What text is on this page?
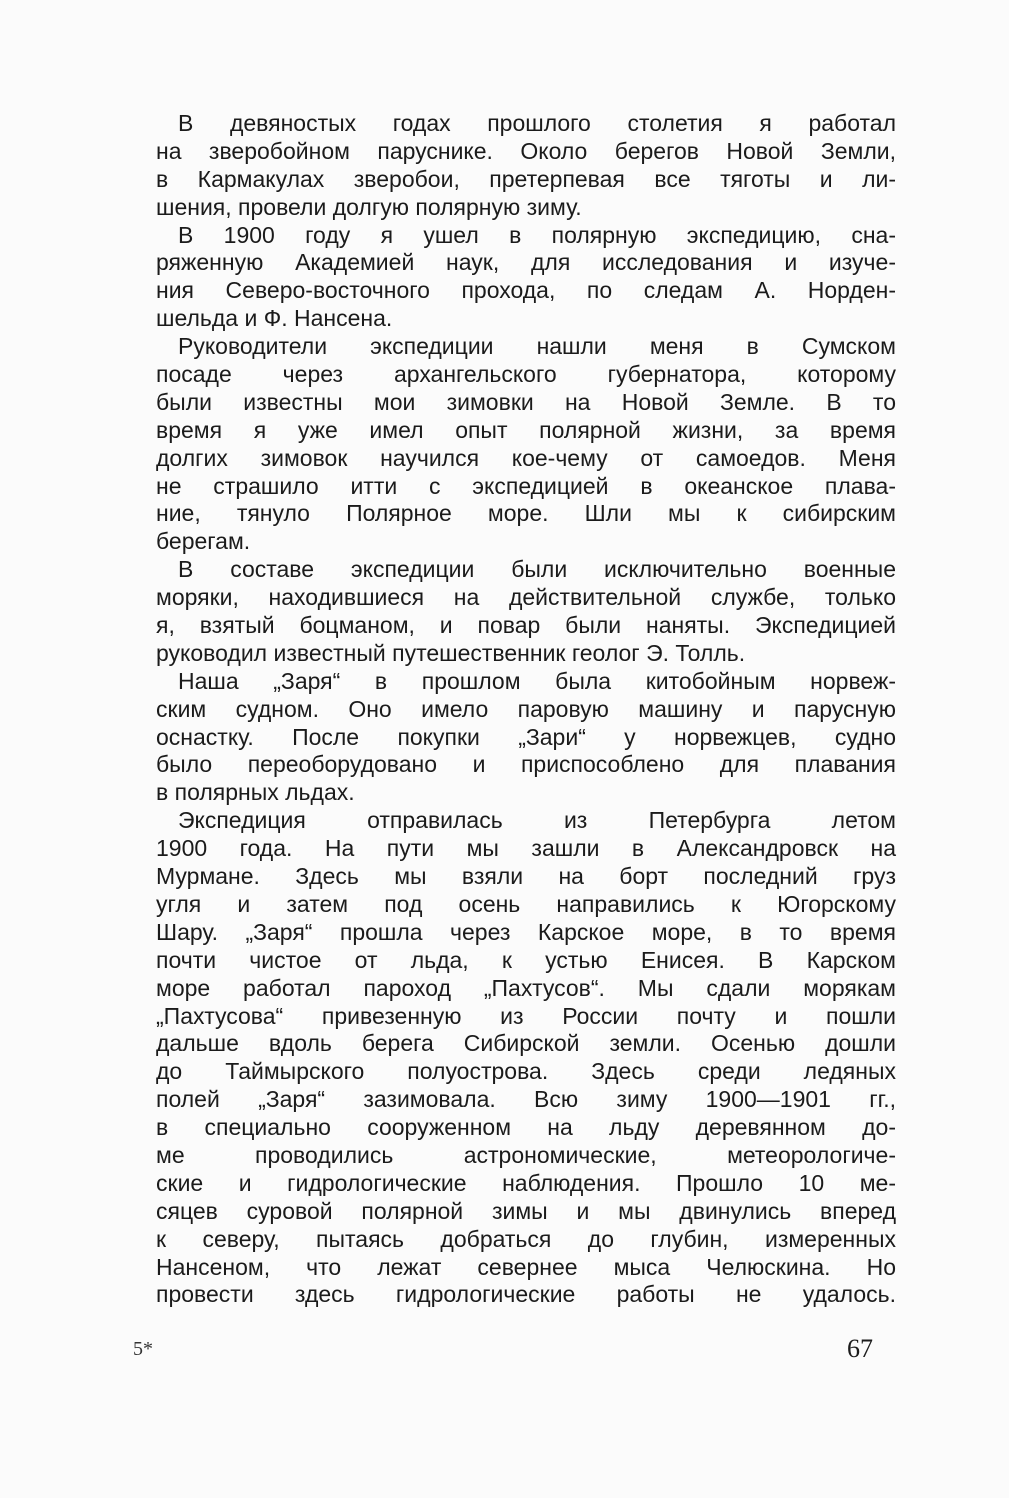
В девяностых годах прошлого столетия я работал
на зверобойном паруснике. Около берегов Новой Земли,
в Кармакулах зверобои, претерпевая все тяготы и ли-
шения, провели долгую полярную зиму.
В 1900 году я ушел в полярную экспедицию, сна-
ряженную Академией наук, для исследования и изуче-
ния Северо-восточного прохода, по следам А. Норден-
шельда и Ф. Нансена.
Руководители экспедиции нашли меня в Сумском
посаде через архангельского губернатора, которому
были известны мои зимовки на Новой Земле. В то
время я уже имел опыт полярной жизни, за время
долгих зимовок научился кое-чему от самоедов. Меня
не страшило итти с экспедицией в океанское плава-
ние, тянуло Полярное море. Шли мы к сибирским
берегам.
В составе экспедиции были исключительно военные
моряки, находившиеся на действительной службе, только
я, взятый боцманом, и повар были наняты. Экспедицией
руководил известный путешественник геолог Э. Толль.
Наша „Заря“ в прошлом была китобойным норвеж-
ским судном. Оно имело паровую машину и парусную
оснастку. После покупки „Зари“ у норвежцев, судно
было переоборудовано и приспособлено для плавания
в полярных льдах.
Экспедиция отправилась из Петербурга летом
1900 года. На пути мы зашли в Александровск на
Мурмане. Здесь мы взяли на борт последний груз
угля и затем под осень направились к Югорскому
Шару. „Заря“ прошла через Карское море, в то время
почти чистое от льда, к устью Енисея. В Карском
море работал пароход „Пахтусов“. Мы сдали морякам
„Пахтусова“ привезенную из России почту и пошли
дальше вдоль берега Сибирской земли. Осенью дошли
до Таймырского полуострова. Здесь среди ледяных
полей „Заря“ зазимовала. Всю зиму 1900—1901 гг.,
в специально сооруженном на льду деревянном до-
ме проводились астрономические, метеорологиче-
ские и гидрологические наблюдения. Прошло 10 ме-
сяцев суровой полярной зимы и мы двинулись вперед
к северу, пытаясь добраться до глубин, измеренных
Нансеном, что лежат севернее мыса Челюскина. Но
провести здесь гидрологические работы не удалось.
5*	67
